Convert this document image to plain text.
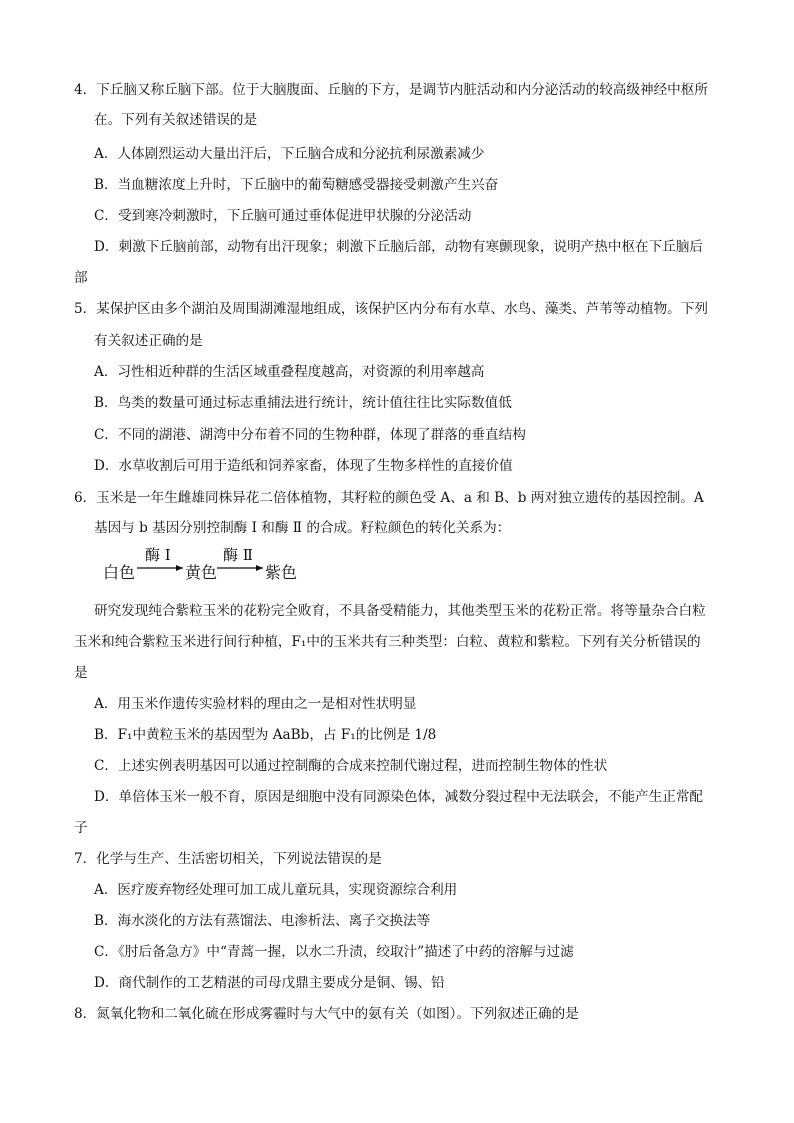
4．下丘脑又称丘脑下部。位于大脑腹面、丘脑的下方，是调节内脏活动和内分泌活动的较高级神经中枢所
在。下列有关叙述错误的是
A．人体剧烈运动大量出汗后，下丘脑合成和分泌抗利尿激素减少
B．当血糖浓度上升时，下丘脑中的葡萄糖感受器接受刺激产生兴奋
C．受到寒冷刺激时，下丘脑可通过垂体促进甲状腺的分泌活动
D．刺激下丘脑前部，动物有出汗现象；刺激下丘脑后部，动物有寒颤现象，说明产热中枢在下丘脑后
部
5．某保护区由多个湖泊及周围湖滩湿地组成，该保护区内分布有水草、水鸟、藻类、芦苇等动植物。下列
有关叙述正确的是
A．习性相近种群的生活区域重叠程度越高，对资源的利用率越高
B．鸟类的数量可通过标志重捕法进行统计，统计值往往比实际数值低
C．不同的湖港、湖湾中分布着不同的生物种群，体现了群落的垂直结构
D．水草收割后可用于造纸和饲养家畜，体现了生物多样性的直接价值
6．玉米是一年生雌雄同株异花二倍体植物，其籽粒的颜色受 A、a 和 B、b 两对独立遗传的基因控制。A
基因与 b 基因分别控制酶 Ⅰ 和酶 Ⅱ 的合成。籽粒颜色的转化关系为：
白色
酶 Ⅰ
黄色
酶 Ⅱ
紫色
研究发现纯合紫粒玉米的花粉完全败育，不具备受精能力，其他类型玉米的花粉正常。将等量杂合白粒
玉米和纯合紫粒玉米进行间行种植，F₁中的玉米共有三种类型：白粒、黄粒和紫粒。下列有关分析错误的
是
A．用玉米作遗传实验材料的理由之一是相对性状明显
B．F₁中黄粒玉米的基因型为 AaBb，占 F₁的比例是 1/8
C．上述实例表明基因可以通过控制酶的合成来控制代谢过程，进而控制生物体的性状
D．单倍体玉米一般不育，原因是细胞中没有同源染色体，减数分裂过程中无法联会，不能产生正常配
子
7．化学与生产、生活密切相关，下列说法错误的是
A．医疗废弃物经处理可加工成儿童玩具，实现资源综合利用
B．海水淡化的方法有蒸馏法、电渗析法、离子交换法等
C．《肘后备急方》中“青蒿一握，以水二升渍，绞取汁”描述了中药的溶解与过滤
D．商代制作的工艺精湛的司母戊鼎主要成分是铜、锡、铅
8．氮氧化物和二氧化硫在形成雾霾时与大气中的氨有关（如图）。下列叙述正确的是
